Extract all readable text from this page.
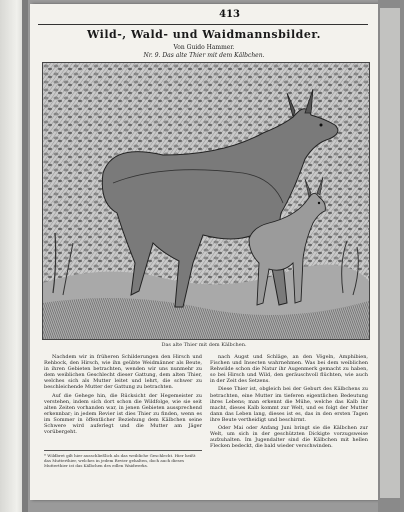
413
Wild-, Wald- und Waidmannsbilder.
Von Guido Hammer.
Nr. 9. Das alte Thier mit dem Kälbchen.
Das alte Thier mit dem Kälbchen.

Nachdem wir in früheren Schilderungen den Hirsch und Rehbock, den Hirsch, wie ihn geübte Weidmänner als Beute, in ihren Gebieten betrachten, wenden wir uns nunmehr zu dem weiblichen Geschlecht dieser Gattung, dem alten Thier, welches sich als Mutter leitet und lehrt, die schwer zu beschleichende Mutter der Gattung zu betrachten.

Auf die Gehege hin, die Rücksicht der Hegemeister zu verstehen, indem sich dort schon die Wildfolge, wie sie seit alten Zeiten vorhanden war, in jenen Gebieten aussprechend erkennbar; in jedem Revier ist dies Thier zu finden, wenn es im Sommer in öffentlicher Beziehung dem Kälbchen seine Schwere wird auferlegt und die Mutter am Jäger vorübergeht.

nach Augst und Schläge, an den Vögeln, Amphibien, Fischen und Insecten wahrnehmen. Was bei dem weiblichen Rehwilde schon die Natur ihr Augenmerk gemacht zu haben, so bei Hirsch und Wild, den geräuschvoll flüchten, wie auch in der Zeit des Setzens.

Diese Thier ist, obgleich bei der Geburt des Kälbchens zu betrachten, eine Mutter im tieferen eigentlichen Bedeutung ihres Lebens; man erkennt die Mühe, welche das Kalb ihr macht, dieses Kalb kommt zur Welt, und es folgt der Mutter dann das Leben lang, dieses ist es, das in den ersten Tagen ihre Beute vertheidigt und beschirmt.

Oder Mai oder Anfang Juni bringt sie die Kälbchen zur Welt, um sich in der geschützten Dickigte vorzugsweise aufzuhalten. Im Jugendalter sind die Kälbchen mit hellen Flecken bedeckt, die bald wieder verschwinden.

* Wildbret gilt hier ausschließlich als das weibliche Geschlecht. Hier heißt das Mutterthier, welches in jedem Revier gehalten, doch auch dieses Mutterthier ist das Kälbchen des edlen Waidwerks.
